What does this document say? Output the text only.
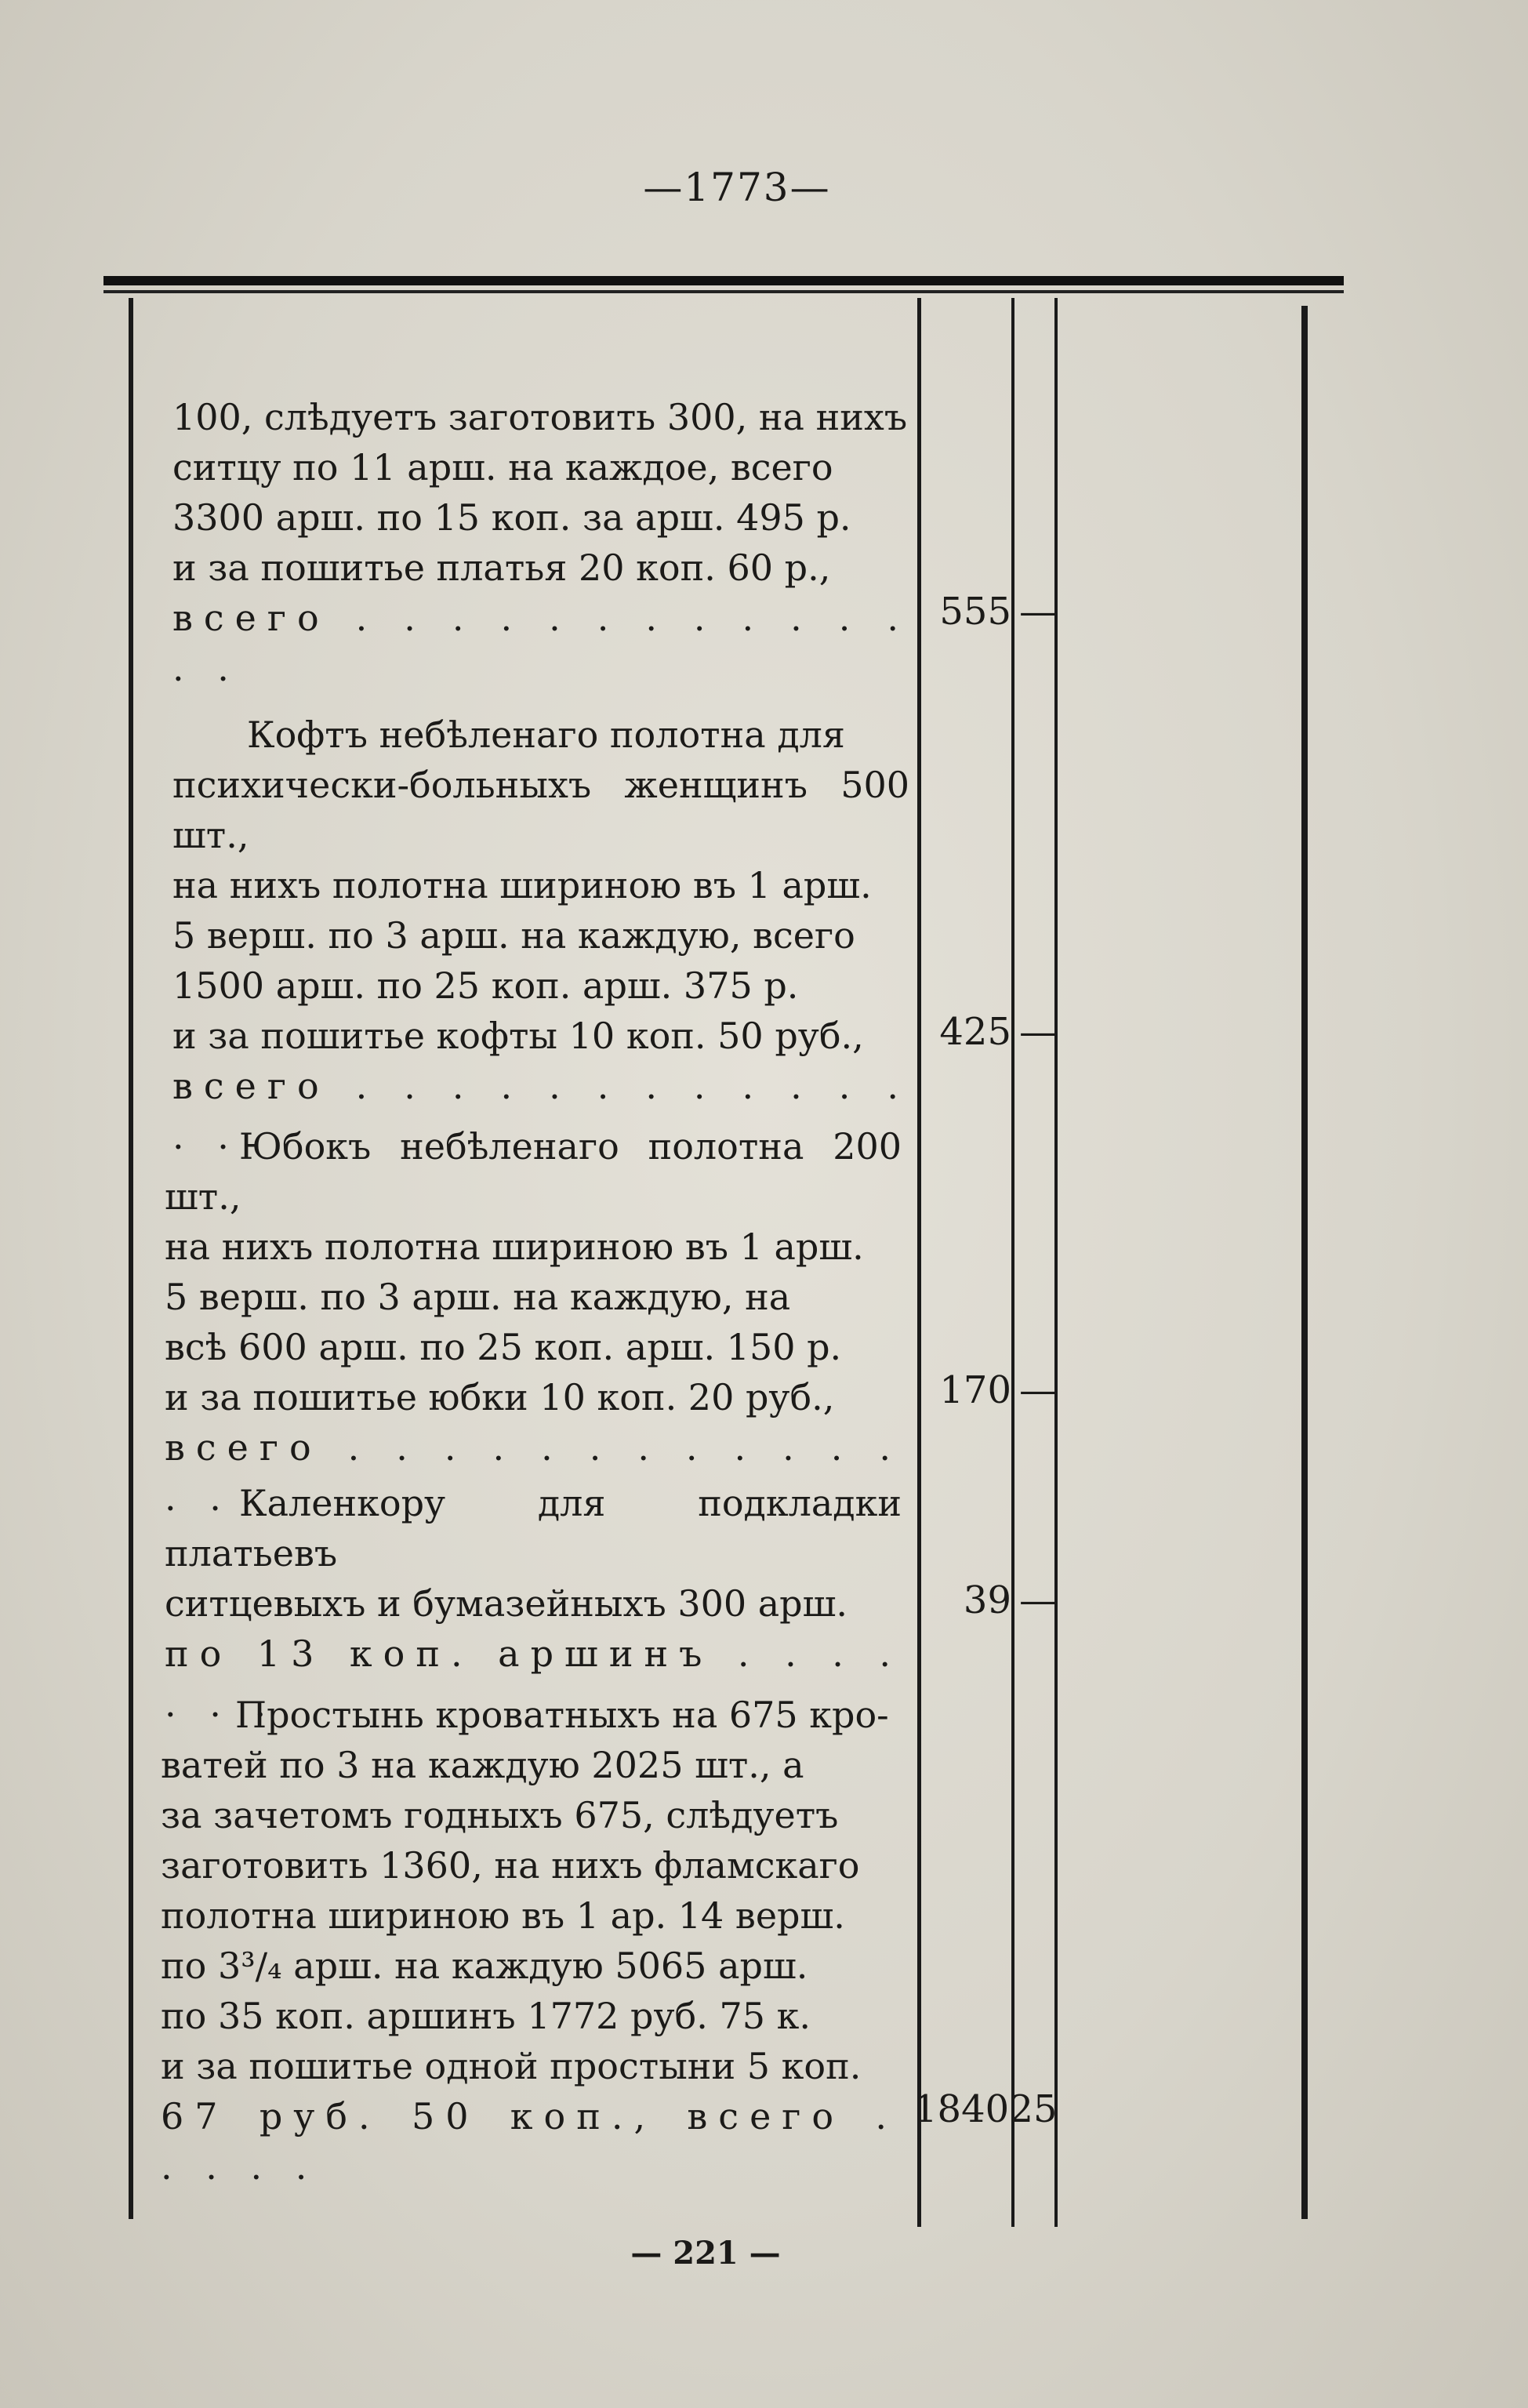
—1773—

100, слѣдуетъ заготовить 300, на нихъ

ситцу по 11 арш. на каждое, всего

3300 арш. по 15 коп. за арш. 495 р.

и за пошитье платья 20 коп. 60 р.,

всего . . . . . . . . . . . . . .

555 —

Кофтъ небѣленаго полотна для

психически-больныхъ женщинъ 500 шт.,

на нихъ полотна шириною въ 1 арш.

5 верш. по 3 арш. на каждую, всего

1500 арш. по 25 коп. арш. 375 р.

и за пошитье кофты 10 коп. 50 руб.,

всего . . . . . . . . . . . . . .

425 —

Юбокъ небѣленаго полотна 200 шт.,

на нихъ полотна шириною въ 1 арш.

5 верш. по 3 арш. на каждую, на

всѣ 600 арш. по 25 коп. арш. 150 р.

и за пошитье юбки 10 коп. 20 руб.,

всего . . . . . . . . . . . . . .

170 —

Каленкору для подкладки платьевъ

ситцевыхъ и бумазейныхъ 300 арш.

по 13 коп. аршинъ . . . . . . .

39 —

Простынь кроватныхъ на 675 кро-

ватей по 3 на каждую 2025 шт., а

за зачетомъ годныхъ 675, слѣдуетъ

заготовить 1360, на нихъ фламскаго

полотна шириною въ 1 ар. 14 верш.

по 3³/₄ арш. на каждую 5065 арш.

по 35 коп. аршинъ 1772 руб. 75 к.

и за пошитье одной простыни 5 коп.

67 руб. 50 коп., всего . . . . .

1840 25
— 221 —
